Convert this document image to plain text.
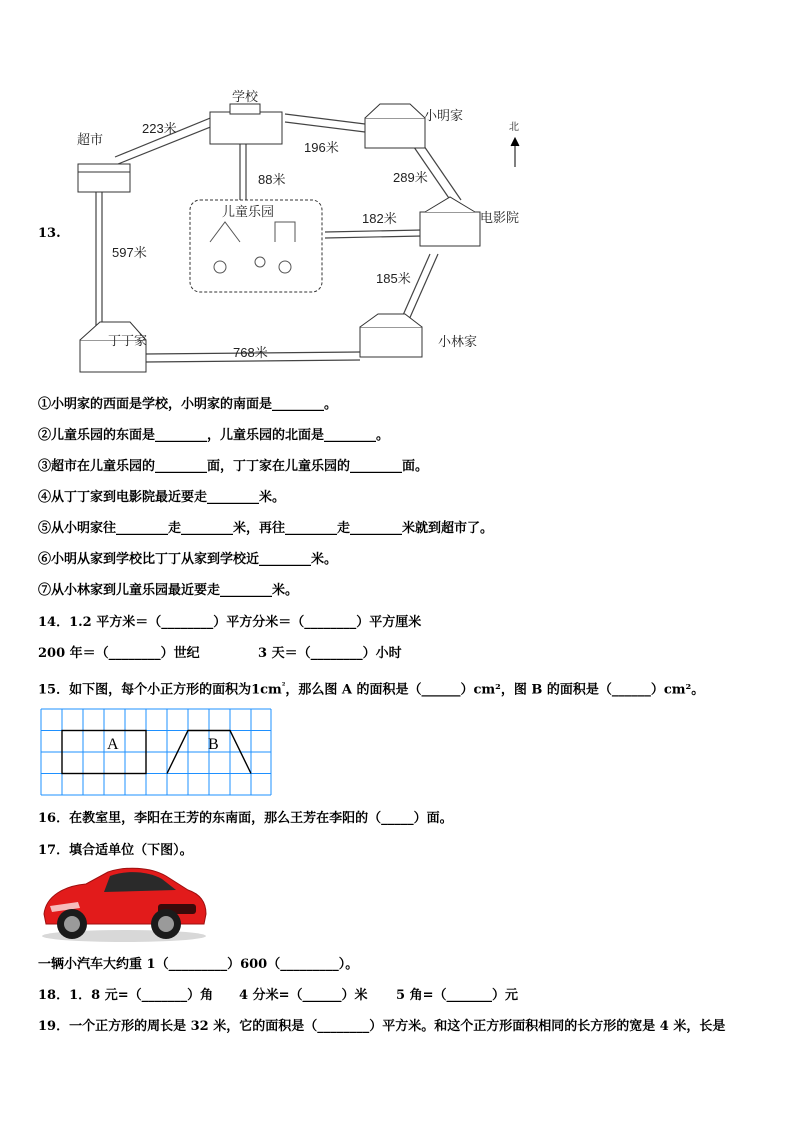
13.
学校
超市
小明家
北
电影院
儿童乐园
丁丁家	小林家
223米
196米
289米
88米
182米
597米
185米
768米
①小明家的西面是学校，小明家的南面是________。
②儿童乐园的东面是________，儿童乐园的北面是________。
③超市在儿童乐园的________面，丁丁家在儿童乐园的________面。
④从丁丁家到电影院最近要走________米。
⑤从小明家往________走________米，再往________走________米就到超市了。
⑥小明从家到学校比丁丁从家到学校近________米。
⑦从小林家到儿童乐园最近要走________米。
14．1.2 平方米＝（________）平方分米＝（________）平方厘米
200 年＝（________）世纪	3 天＝（________）小时
15．如下图，每个小正方形的面积为$1cm^{^2}$，那么图 A 的面积是（______）cm²，图 B 的面积是（______）cm²。
A	B
16．在教室里，李阳在王芳的东南面，那么王芳在李阳的（_____）面。
17．填合适单位（下图）。
一辆小汽车大约重 1（_________）600（_________）。
18．1．8 元=（_______）角 4 分米=（______）米 5 角=（_______）元
19．一个正方形的周长是 32 米，它的面积是（________）平方米。和这个正方形面积相同的长方形的宽是 4 米，长是
